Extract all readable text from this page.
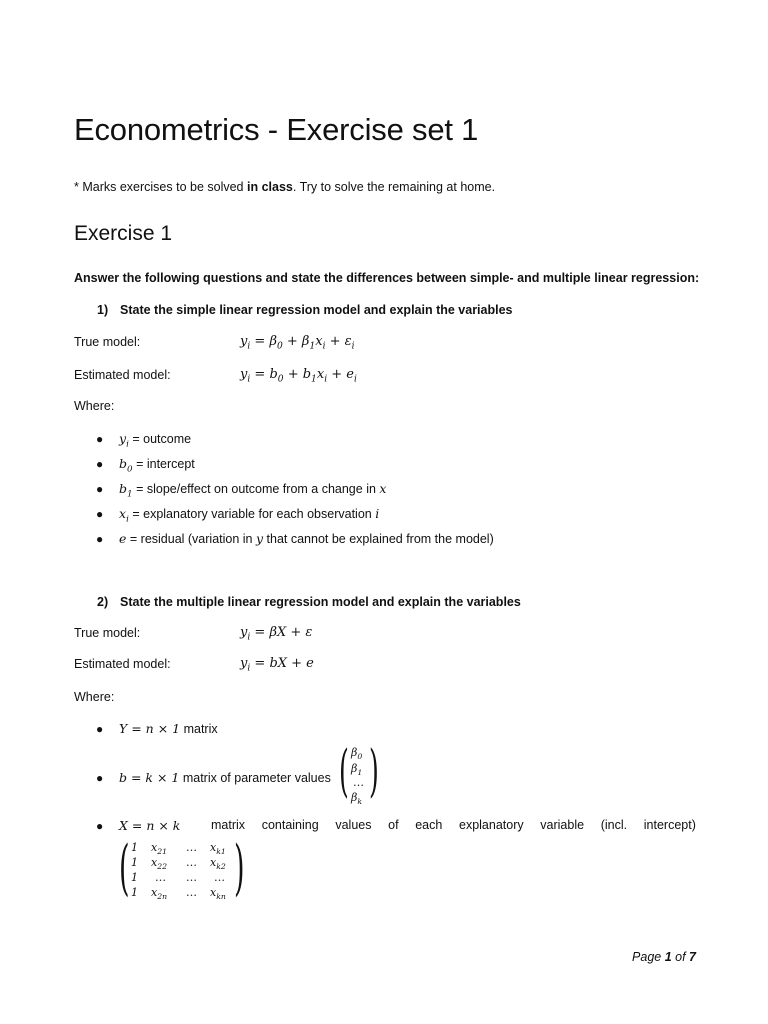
Econometrics - Exercise set 1
* Marks exercises to be solved in class. Try to solve the remaining at home.
Exercise 1
Answer the following questions and state the differences between simple- and multiple linear regression:
1) State the simple linear regression model and explain the variables
True model:	$y_i = \beta_0 + \beta_1x_i + \varepsilon_i$
Estimated model:	$y_i = b_0 + b_1x_i + e_i$
Where:
● $y_i$ = outcome
● $b_0$ = intercept
● $b_1$ = slope/effect on outcome from a change in x
● $x_i$ = explanatory variable for each observation i
● e = residual (variation in y that cannot be explained from the model)
2) State the multiple linear regression model and explain the variables
True model:	$y_i = \beta X + \varepsilon$
Estimated model:	$y_i$ = bX + e
Where:
● Y = n × 1 matrix
● b = k × 1 matrix of parameter values ( $\beta_0$
$\beta_1$
…
$\beta_k$ )
● X = n × k matrix containing values of each explanatory variable (incl. intercept)
( 1 $x_{21}$ … $x_{k1}$
1 $x_{22}$ … $x_{k2}$
1 … … …
1 $x_{2n}$ … $x_{kn}$ )
Page 1 of 7
